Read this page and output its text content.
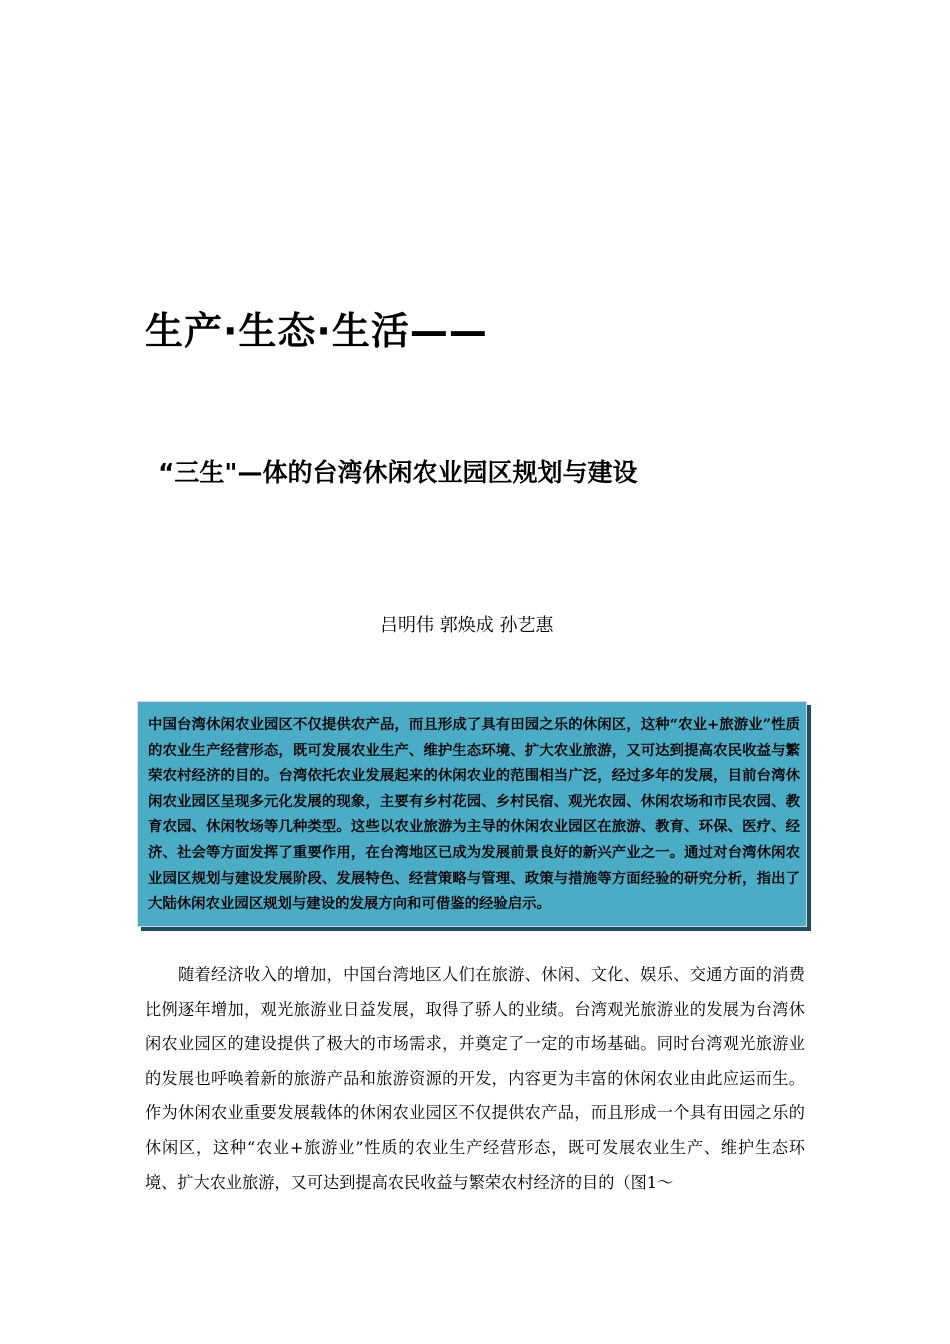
生产·生态·生活——
“三生"—体的台湾休闲农业园区规划与建设
吕明伟 郭焕成 孙艺惠

中国台湾休闲农业园区不仅提供农产品，而且形成了具有田园之乐的休闲区，这种“农业+旅游业”性质的农业生产经营形态，既可发展农业生产、维护生态环境、扩大农业旅游，又可达到提高农民收益与繁荣农村经济的目的。台湾依托农业发展起来的休闲农业的范围相当广泛，经过多年的发展，目前台湾休闲农业园区呈现多元化发展的现象，主要有乡村花园、乡村民宿、观光农园、休闲农场和市民农园、教育农园、休闲牧场等几种类型。这些以农业旅游为主导的休闲农业园区在旅游、教育、环保、医疗、经济、社会等方面发挥了重要作用，在台湾地区已成为发展前景良好的新兴产业之一。通过对台湾休闲农业园区规划与建设发展阶段、发展特色、经营策略与管理、政策与措施等方面经验的研究分析，指出了大陆休闲农业园区规划与建设的发展方向和可借鉴的经验启示。

随着经济收入的增加，中国台湾地区人们在旅游、休闲、文化、娱乐、交通方面的消费比例逐年增加，观光旅游业日益发展，取得了骄人的业绩。台湾观光旅游业的发展为台湾休闲农业园区的建设提供了极大的市场需求，并奠定了一定的市场基础。同时台湾观光旅游业的发展也呼唤着新的旅游产品和旅游资源的开发，内容更为丰富的休闲农业由此应运而生。作为休闲农业重要发展载体的休闲农业园区不仅提供农产品，而且形成一个具有田园之乐的休闲区，这种“农业+旅游业”性质的农业生产经营形态，既可发展农业生产、维护生态环境、扩大农业旅游，又可达到提高农民收益与繁荣农村经济的目的（图1～
